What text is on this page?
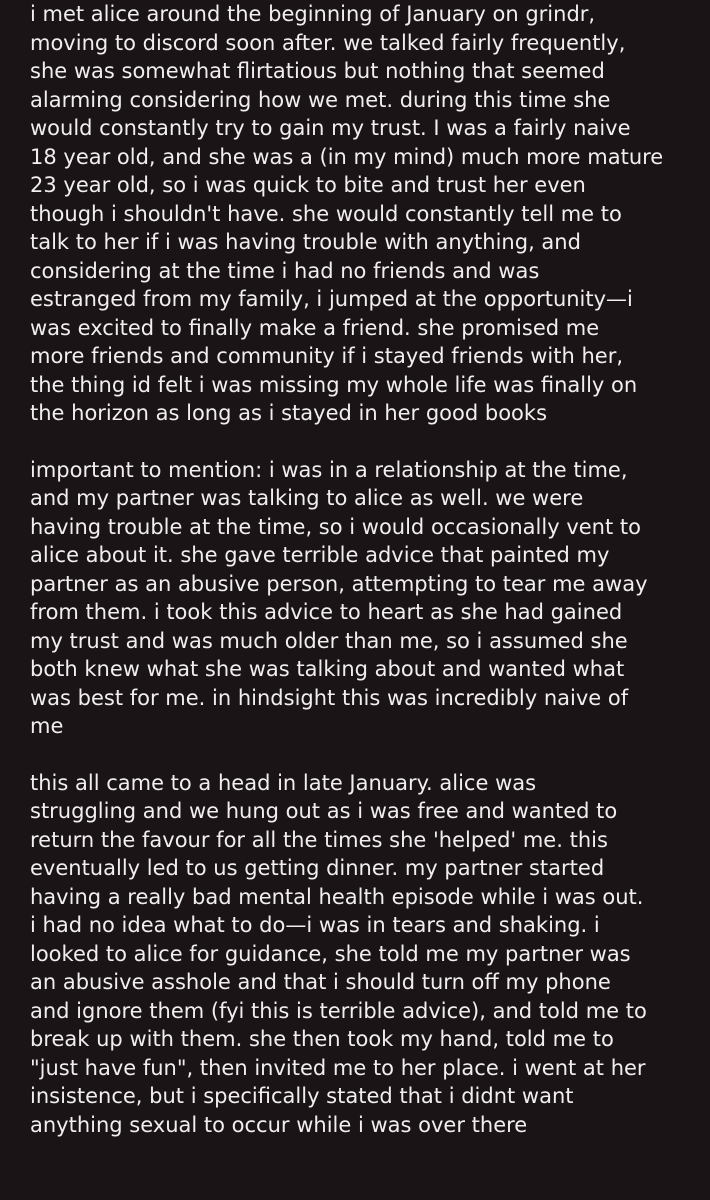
i met alice around the beginning of January on grindr,
moving to discord soon after. we talked fairly frequently,
she was somewhat flirtatious but nothing that seemed
alarming considering how we met. during this time she
would constantly try to gain my trust. I was a fairly naive
18 year old, and she was a (in my mind) much more mature
23 year old, so i was quick to bite and trust her even
though i shouldn't have. she would constantly tell me to
talk to her if i was having trouble with anything, and
considering at the time i had no friends and was
estranged from my family, i jumped at the opportunity—i
was excited to finally make a friend. she promised me
more friends and community if i stayed friends with her,
the thing id felt i was missing my whole life was finally on
the horizon as long as i stayed in her good books

important to mention: i was in a relationship at the time,
and my partner was talking to alice as well. we were
having trouble at the time, so i would occasionally vent to
alice about it. she gave terrible advice that painted my
partner as an abusive person, attempting to tear me away
from them. i took this advice to heart as she had gained
my trust and was much older than me, so i assumed she
both knew what she was talking about and wanted what
was best for me. in hindsight this was incredibly naive of
me

this all came to a head in late January. alice was
struggling and we hung out as i was free and wanted to
return the favour for all the times she 'helped' me. this
eventually led to us getting dinner. my partner started
having a really bad mental health episode while i was out.
i had no idea what to do—i was in tears and shaking. i
looked to alice for guidance, she told me my partner was
an abusive asshole and that i should turn off my phone
and ignore them (fyi this is terrible advice), and told me to
break up with them. she then took my hand, told me to
"just have fun", then invited me to her place. i went at her
insistence, but i specifically stated that i didnt want
anything sexual to occur while i was over there
